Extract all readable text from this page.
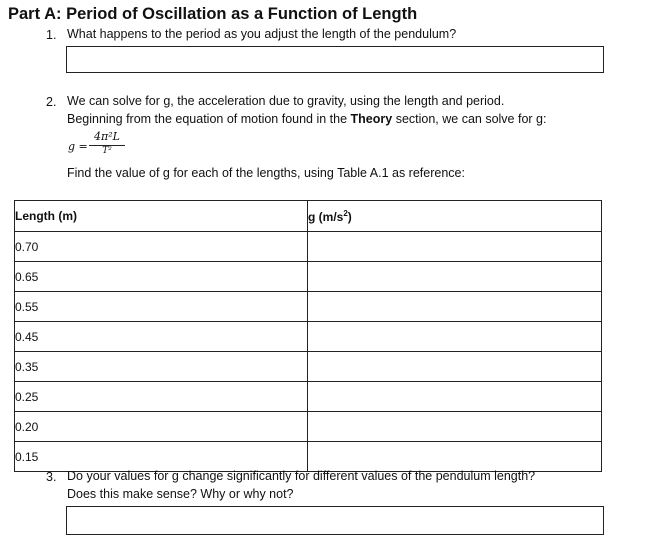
Part A: Period of Oscillation as a Function of Length
1. What happens to the period as you adjust the length of the pendulum?
2. We can solve for g, the acceleration due to gravity, using the length and period.
Beginning from the equation of motion found in the Theory section, we can solve for g:
g =
4π²L
T²
Find the value of g for each of the lengths, using Table A.1 as reference:
Length (m)	g $(m/s^2)$
0.70	
0.65	
0.55	
0.45	
0.35	
0.25	
0.20	
0.15	
3. Do your values for g change significantly for different values of the pendulum length?
Does this make sense? Why or why not?
